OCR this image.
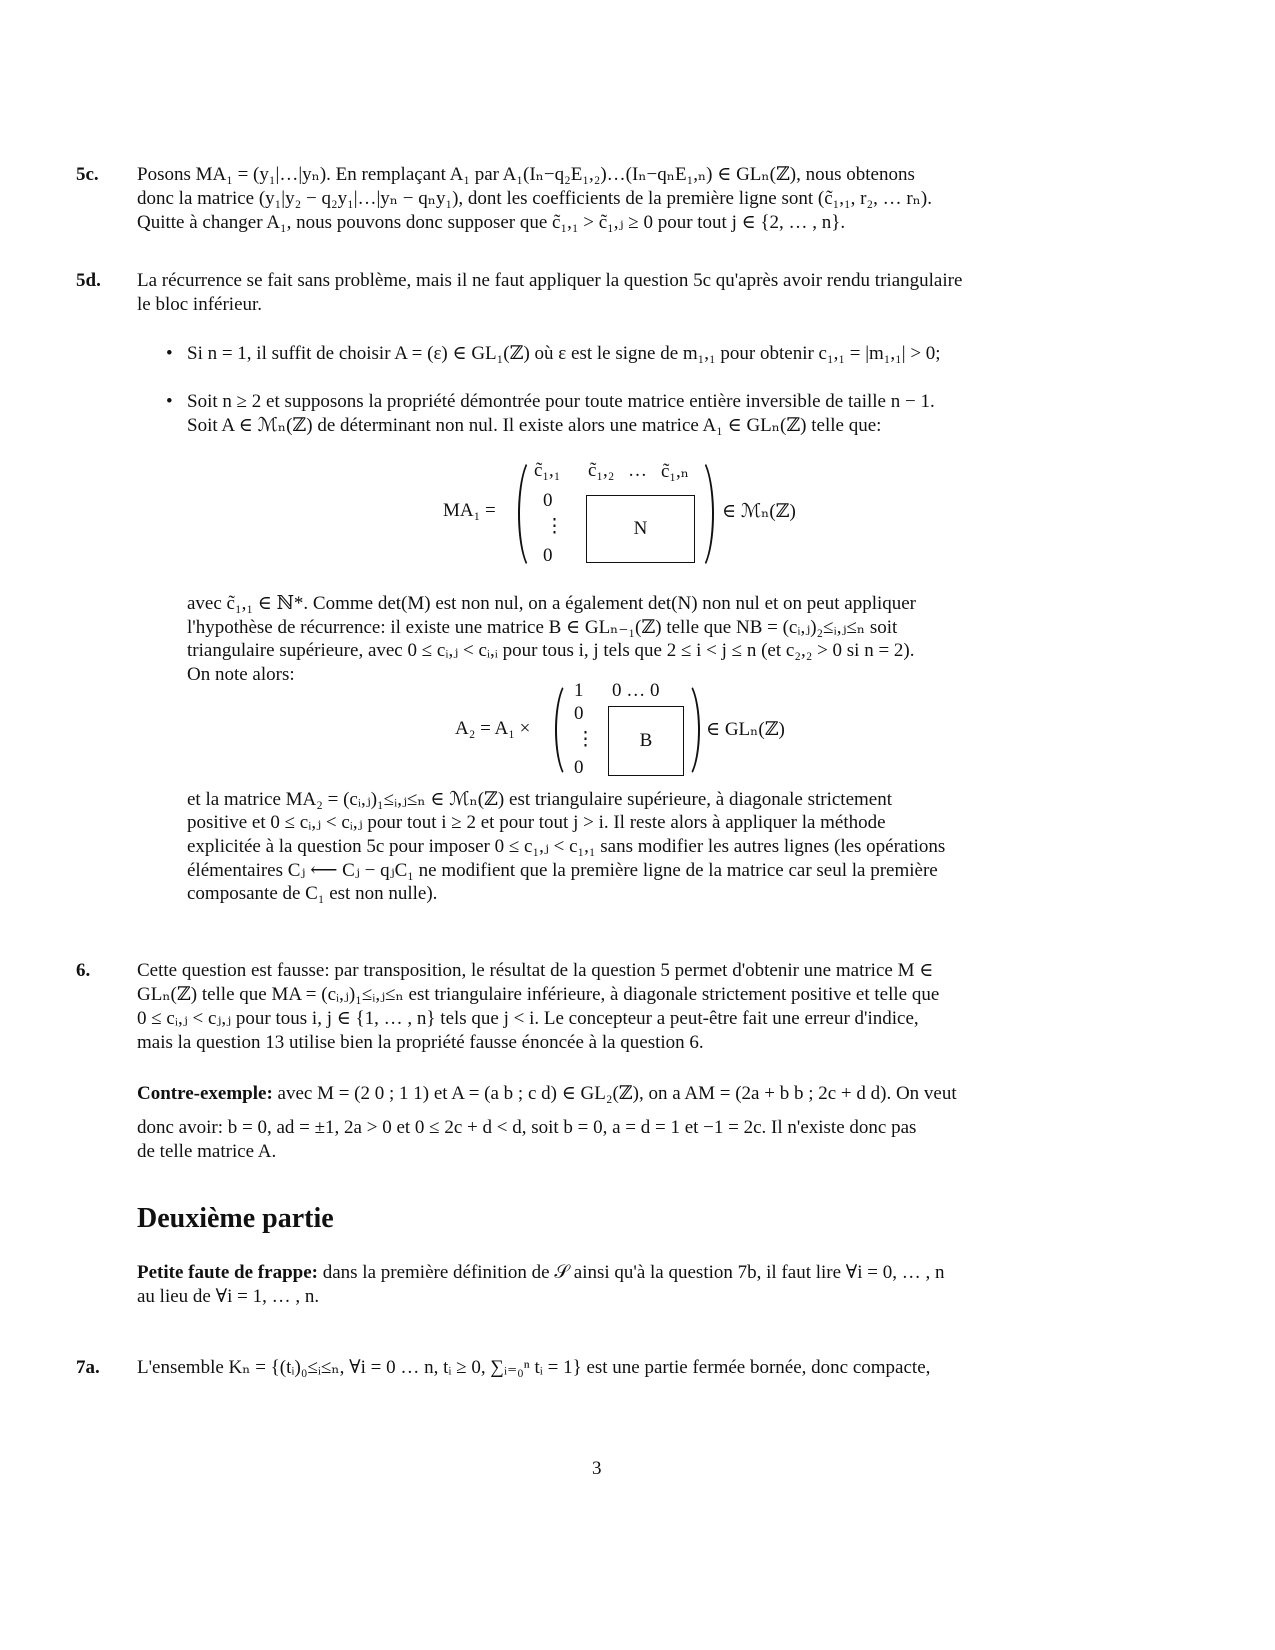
5c. Posons MA₁ = (y₁|…|yₙ). En remplaçant A₁ par A₁(Iₙ−q₂E₁,₂)…(Iₙ−qₙE₁,ₙ) ∈ GLₙ(ℤ), nous obtenons
donc la matrice (y₁|y₂ − q₂y₁|…|yₙ − qₙy₁), dont les coefficients de la première ligne sont (c̃₁,₁, r₂, … rₙ).
Quitte à changer A₁, nous pouvons donc supposer que c̃₁,₁ > c̃₁,ⱼ ≥ 0 pour tout j ∈ {2, … , n}.
5d. La récurrence se fait sans problème, mais il ne faut appliquer la question 5c qu'après avoir rendu triangulaire
le bloc inférieur.
• Si n = 1, il suffit de choisir A = (ε) ∈ GL₁(ℤ) où ε est le signe de m₁,₁ pour obtenir c₁,₁ = |m₁,₁| > 0;
• Soit n ≥ 2 et supposons la propriété démontrée pour toute matrice entière inversible de taille n − 1.
Soit A ∈ ℳₙ(ℤ) de déterminant non nul. Il existe alors une matrice A₁ ∈ GLₙ(ℤ) telle que:
MA₁ =
c̃₁,₁ c̃₁,₂ … c̃₁,ₙ
0
⋮
0
N
∈ ℳₙ(ℤ)
avec c̃₁,₁ ∈ ℕ*. Comme det(M) est non nul, on a également det(N) non nul et on peut appliquer
l'hypothèse de récurrence: il existe une matrice B ∈ GLₙ₋₁(ℤ) telle que NB = (cᵢ,ⱼ)₂≤ᵢ,ⱼ≤ₙ soit
triangulaire supérieure, avec 0 ≤ cᵢ,ⱼ < cᵢ,ᵢ pour tous i, j tels que 2 ≤ i < j ≤ n (et c₂,₂ > 0 si n = 2).
On note alors:
A₂ = A₁ ×
1 0 … 0
0
⋮
0
B
∈ GLₙ(ℤ)
et la matrice MA₂ = (cᵢ,ⱼ)₁≤ᵢ,ⱼ≤ₙ ∈ ℳₙ(ℤ) est triangulaire supérieure, à diagonale strictement
positive et 0 ≤ cᵢ,ⱼ < cᵢ,ⱼ pour tout i ≥ 2 et pour tout j > i. Il reste alors à appliquer la méthode
explicitée à la question 5c pour imposer 0 ≤ c₁,ⱼ < c₁,₁ sans modifier les autres lignes (les opérations
élémentaires Cⱼ ⟵ Cⱼ − qⱼC₁ ne modifient que la première ligne de la matrice car seul la première
composante de C₁ est non nulle).
6. Cette question est fausse: par transposition, le résultat de la question 5 permet d'obtenir une matrice M ∈
GLₙ(ℤ) telle que MA = (cᵢ,ⱼ)₁≤ᵢ,ⱼ≤ₙ est triangulaire inférieure, à diagonale strictement positive et telle que
0 ≤ cᵢ,ⱼ < cⱼ,ⱼ pour tous i, j ∈ {1, … , n} tels que j < i. Le concepteur a peut-être fait une erreur d'indice,
mais la question 13 utilise bien la propriété fausse énoncée à la question 6.
Contre-exemple: avec M = (2 0 ; 1 1) et A = (a b ; c d) ∈ GL₂(ℤ), on a AM = (2a + b b ; 2c + d d). On veut
donc avoir: b = 0, ad = ±1, 2a > 0 et 0 ≤ 2c + d < d, soit b = 0, a = d = 1 et −1 = 2c. Il n'existe donc pas
de telle matrice A.
Deuxième partie
Petite faute de frappe: dans la première définition de 𝒮 ainsi qu'à la question 7b, il faut lire ∀i = 0, … , n
au lieu de ∀i = 1, … , n.
7a. L'ensemble Kₙ = {(tᵢ)₀≤ᵢ≤ₙ, ∀i = 0 … n, tᵢ ≥ 0, ∑ᵢ₌₀ⁿ tᵢ = 1} est une partie fermée bornée, donc compacte,
3
